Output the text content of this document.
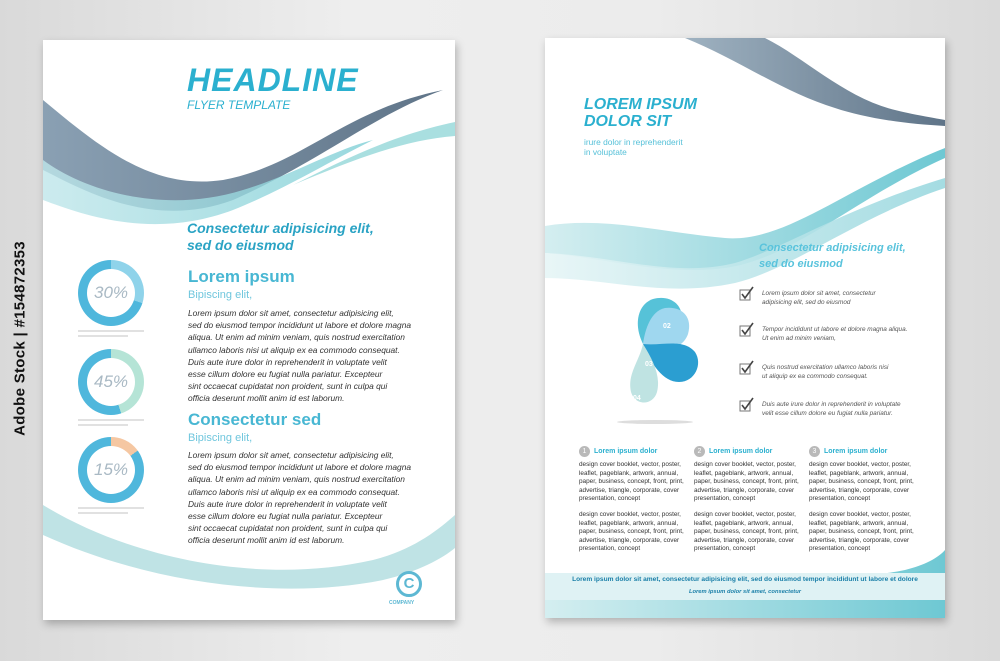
Adobe Stock | #154872353
HEADLINE
FLYER TEMPLATE
Consectetur adipisicing elit,
sed do eiusmod
30%
45%
15%
Lorem ipsum
Bipiscing elit,
Lorem ipsum dolor sit amet, consectetur adipisicing elit,
sed do eiusmod tempor incididunt ut labore et dolore magna
aliqua. Ut enim ad minim veniam, quis nostrud exercitation
ullamco laboris nisi ut aliquip ex ea commodo consequat.
Duis aute irure dolor in reprehenderit in voluptate velit
esse cillum dolore eu fugiat nulla pariatur. Excepteur
sint occaecat cupidatat non proident, sunt in culpa qui
officia deserunt mollit anim id est laborum.
Consectetur sed
Bipiscing elit,
Lorem ipsum dolor sit amet, consectetur adipisicing elit,
sed do eiusmod tempor incididunt ut labore et dolore magna
aliqua. Ut enim ad minim veniam, quis nostrud exercitation
ullamco laboris nisi ut aliquip ex ea commodo consequat.
Duis aute irure dolor in reprehenderit in voluptate velit
esse cillum dolore eu fugiat nulla pariatur. Excepteur
sint occaecat cupidatat non proident, sunt in culpa qui
officia deserunt mollit anim id est laborum.
C
COMPANY
LOREM IPSUM
DOLOR SIT
irure dolor in reprehenderit
in voluptate
Consectetur adipisicing elit,
sed do eiusmod
01
02
03
04
Lorem ipsum dolor sit amet, consectetur
adipisicing elit, sed do eiusmod
Tempor incididunt ut labore et dolore magna aliqua.
Ut enim ad minim veniam,
Quis nostrud exercitation ullamco laboris nisi
ut aliquip ex ea commodo consequat.
Duis aute irure dolor in reprehenderit in voluptate
velit esse cillum dolore eu fugiat nulla pariatur.
1	Lorem ipsum dolor
design cover booklet, vector, poster,
leaflet, pageblank, artwork, annual,
paper, business, concept, front, print,
advertise, triangle, corporate, cover
presentation, concept
design cover booklet, vector, poster,
leaflet, pageblank, artwork, annual,
paper, business, concept, front, print,
advertise, triangle, corporate, cover
presentation, concept
2	Lorem ipsum dolor
design cover booklet, vector, poster,
leaflet, pageblank, artwork, annual,
paper, business, concept, front, print,
advertise, triangle, corporate, cover
presentation, concept
design cover booklet, vector, poster,
leaflet, pageblank, artwork, annual,
paper, business, concept, front, print,
advertise, triangle, corporate, cover
presentation, concept
3	Lorem ipsum dolor
design cover booklet, vector, poster,
leaflet, pageblank, artwork, annual,
paper, business, concept, front, print,
advertise, triangle, corporate, cover
presentation, concept
design cover booklet, vector, poster,
leaflet, pageblank, artwork, annual,
paper, business, concept, front, print,
advertise, triangle, corporate, cover
presentation, concept
Lorem ipsum dolor sit amet, consectetur adipisicing elit, sed do eiusmod tempor incididunt ut labore et dolore
Lorem ipsum dolor sit amet, consectetur
